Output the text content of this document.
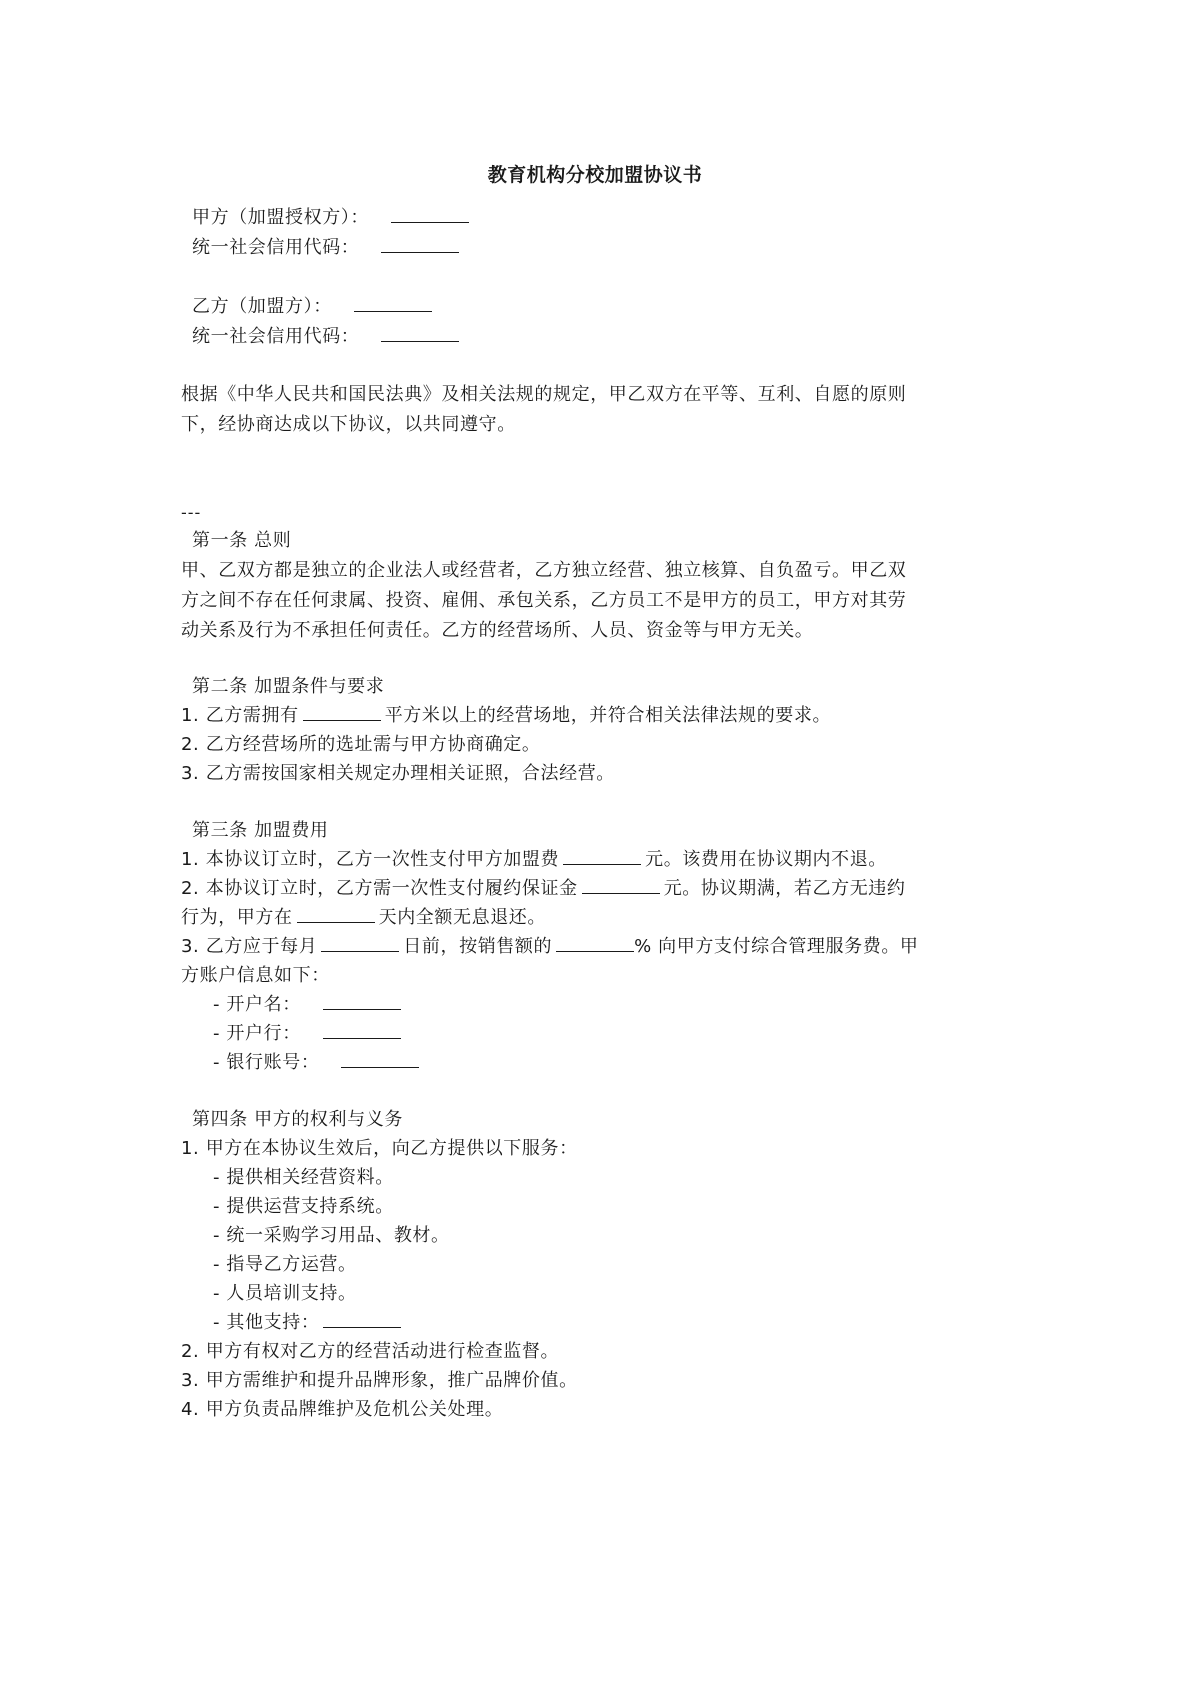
教育机构分校加盟协议书
甲方（加盟授权方）：
统一社会信用代码：
乙方（加盟方）：
统一社会信用代码：
根据《中华人民共和国民法典》及相关法规的规定，甲乙双方在平等、互利、自愿的原则
下，经协商达成以下协议，以共同遵守。
---
第一条 总则
甲、乙双方都是独立的企业法人或经营者，乙方独立经营、独立核算、自负盈亏。甲乙双
方之间不存在任何隶属、投资、雇佣、承包关系，乙方员工不是甲方的员工，甲方对其劳
动关系及行为不承担任何责任。乙方的经营场所、人员、资金等与甲方无关。
第二条 加盟条件与要求
1. 乙方需拥有	平方米以上的经营场地，并符合相关法律法规的要求。
2. 乙方经营场所的选址需与甲方协商确定。
3. 乙方需按国家相关规定办理相关证照，合法经营。
第三条 加盟费用
1. 本协议订立时，乙方一次性支付甲方加盟费	元。该费用在协议期内不退。
2. 本协议订立时，乙方需一次性支付履约保证金	元。协议期满，若乙方无违约
行为，甲方在	天内全额无息退还。
3. 乙方应于每月	日前，按销售额的	% 向甲方支付综合管理服务费。甲
方账户信息如下：
- 开户名：
- 开户行：
- 银行账号：
第四条 甲方的权利与义务
1. 甲方在本协议生效后，向乙方提供以下服务：
- 提供相关经营资料。
- 提供运营支持系统。
- 统一采购学习用品、教材。
- 指导乙方运营。
- 人员培训支持。
- 其他支持：
2. 甲方有权对乙方的经营活动进行检查监督。
3. 甲方需维护和提升品牌形象，推广品牌价值。
4. 甲方负责品牌维护及危机公关处理。
